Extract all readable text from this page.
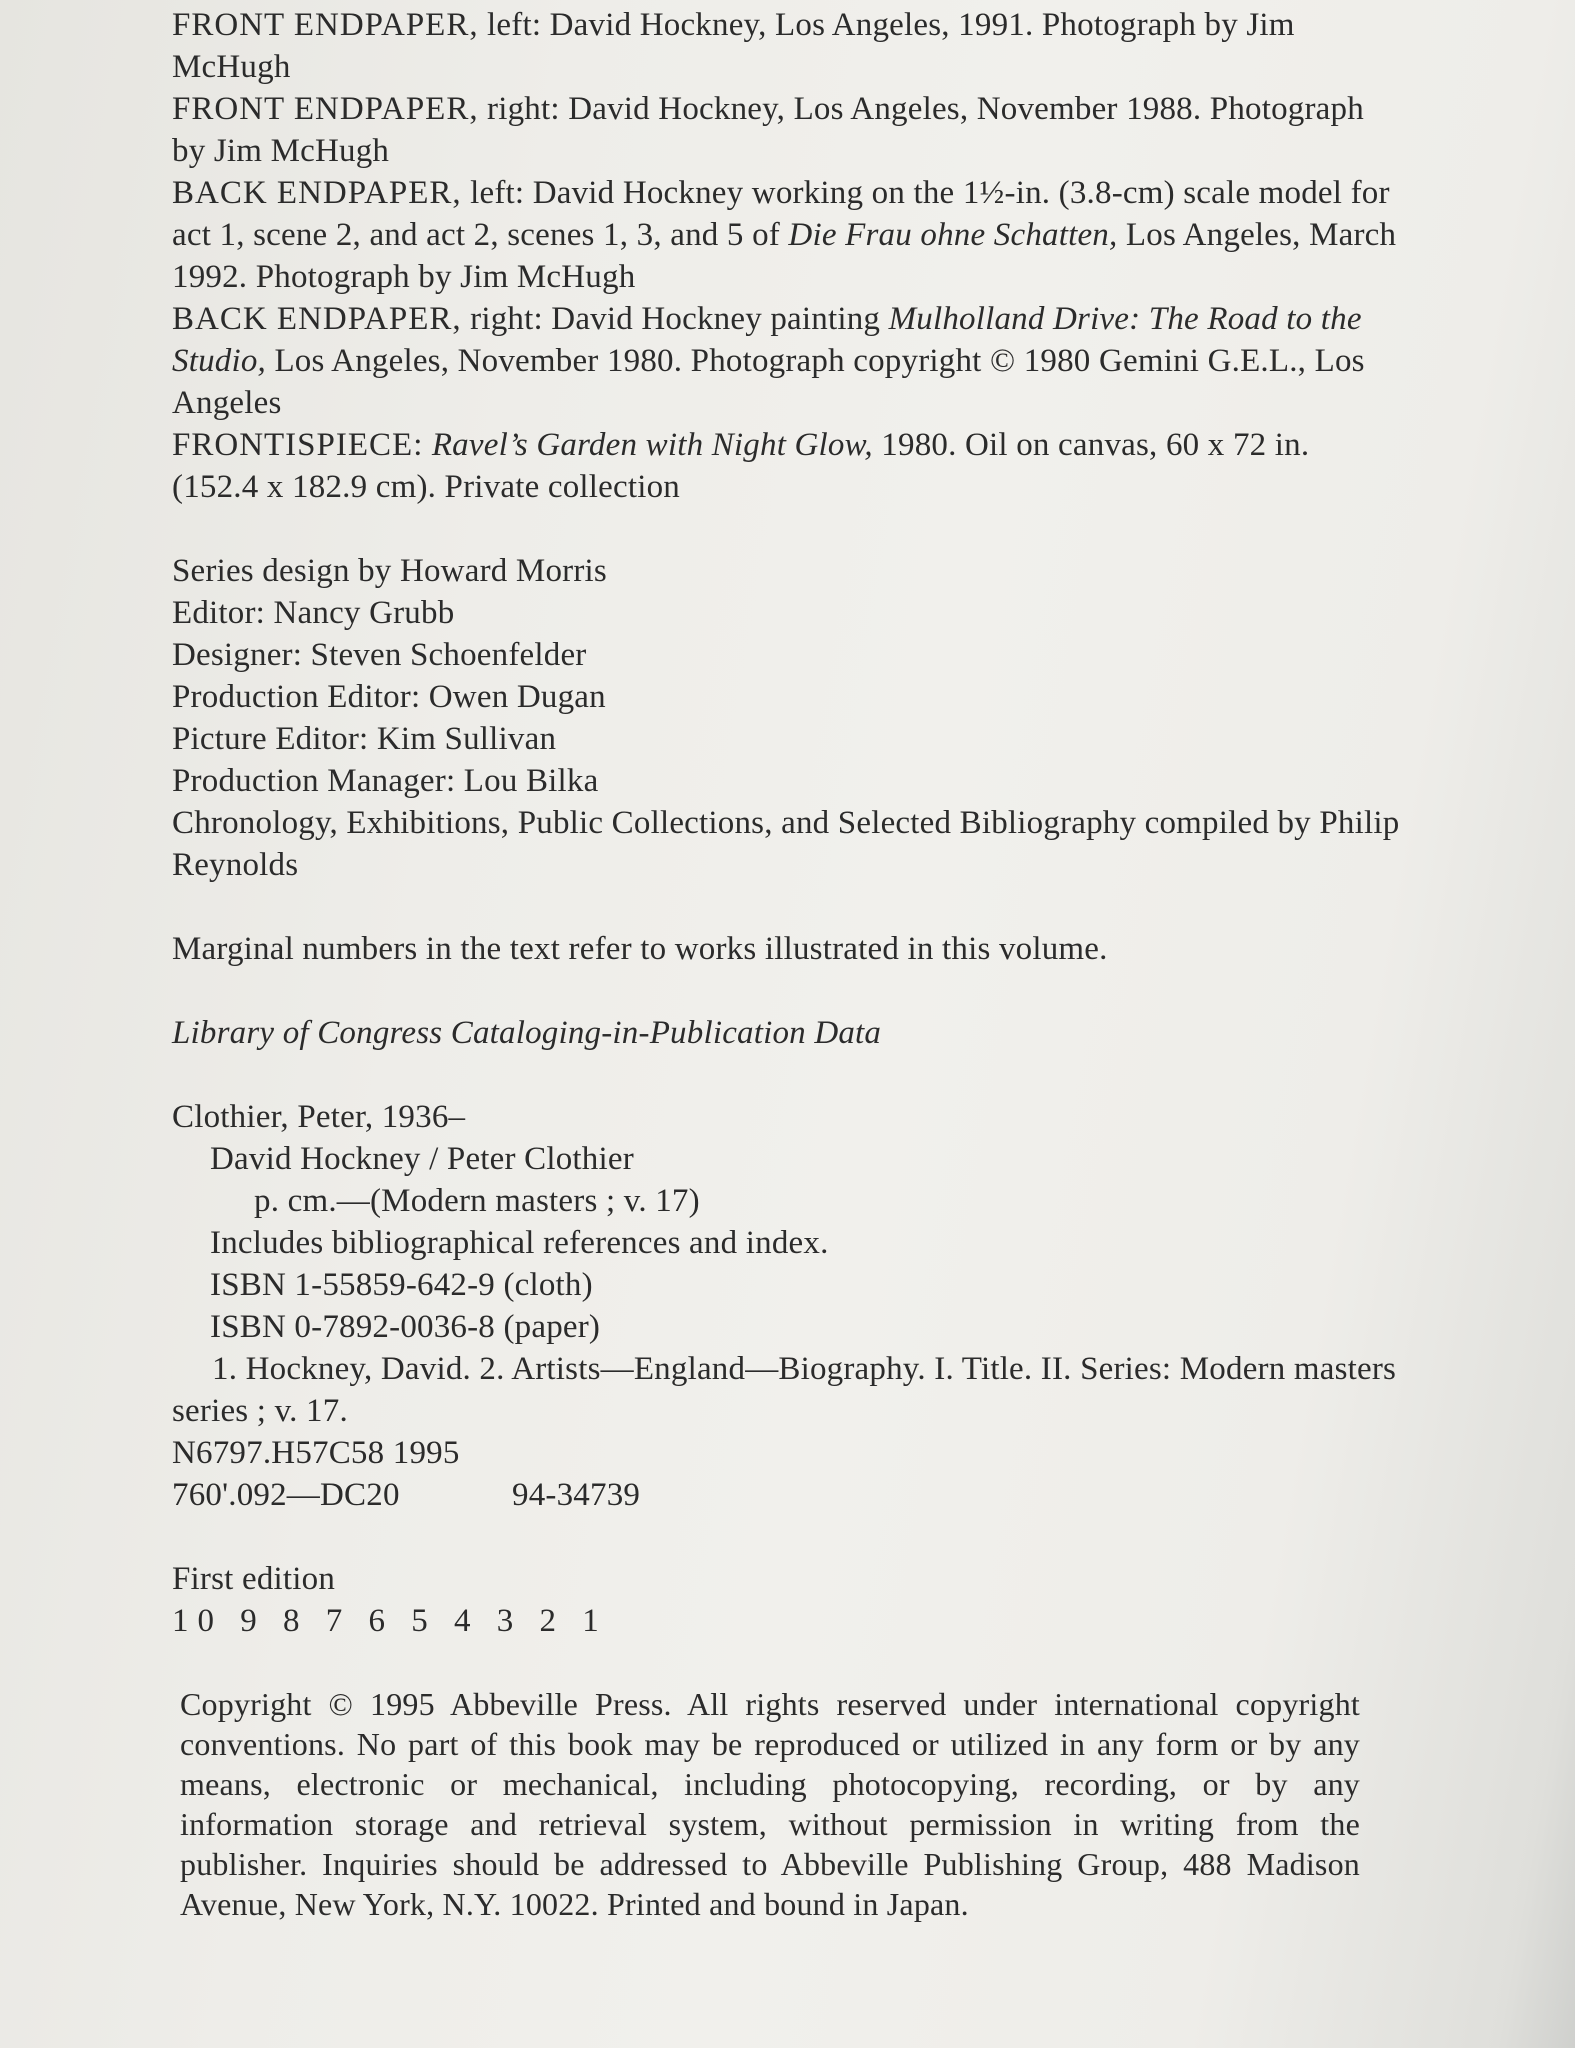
FRONT ENDPAPER, left: David Hockney, Los Angeles, 1991. Photograph by Jim McHugh

FRONT ENDPAPER, right: David Hockney, Los Angeles, November 1988. Photograph by Jim McHugh

BACK ENDPAPER, left: David Hockney working on the 1½-in. (3.8-cm) scale model for act 1, scene 2, and act 2, scenes 1, 3, and 5 of Die Frau ohne Schatten, Los Angeles, March 1992. Photograph by Jim McHugh

BACK ENDPAPER, right: David Hockney painting Mulholland Drive: The Road to the Studio, Los Angeles, November 1980. Photograph copyright © 1980 Gemini G.E.L., Los Angeles

FRONTISPIECE: Ravel’s Garden with Night Glow, 1980. Oil on canvas, 60 x 72 in. (152.4 x 182.9 cm). Private collection

Series design by Howard Morris

Editor: Nancy Grubb

Designer: Steven Schoenfelder

Production Editor: Owen Dugan

Picture Editor: Kim Sullivan

Production Manager: Lou Bilka

Chronology, Exhibitions, Public Collections, and Selected Bibliography compiled by Philip Reynolds

Marginal numbers in the text refer to works illustrated in this volume.

Library of Congress Cataloging-in-Publication Data

Clothier, Peter, 1936–

David Hockney / Peter Clothier

p. cm.—(Modern masters ; v. 17)

Includes bibliographical references and index.

ISBN 1-55859-642-9 (cloth)

ISBN 0-7892-0036-8 (paper)

1. Hockney, David. 2. Artists—England—Biography. I. Title. II. Series: Modern masters series ; v. 17.

N6797.H57C58 1995

760'.092—DC20	94-34739

First edition

10 9 8 7 6 5 4 3 2 1

Copyright © 1995 Abbeville Press. All rights reserved under international copyright conventions. No part of this book may be reproduced or utilized in any form or by any means, electronic or mechanical, including photocopying, recording, or by any information storage and retrieval system, without permission in writing from the publisher. Inquiries should be addressed to Abbeville Publishing Group, 488 Madison Avenue, New York, N.Y. 10022. Printed and bound in Japan.
